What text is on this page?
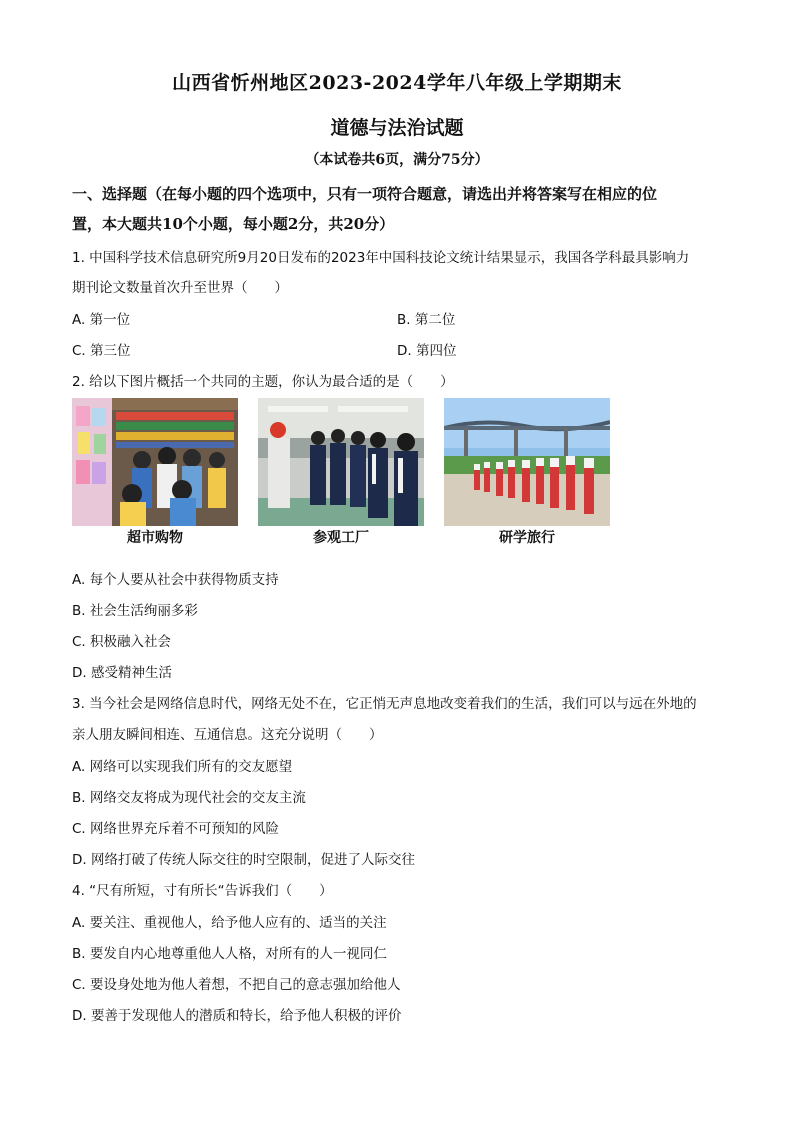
山西省忻州地区2023-2024学年八年级上学期期末
道德与法治试题
（本试卷共6页，满分75分）
一、选择题（在每小题的四个选项中，只有一项符合题意，请选出并将答案写在相应的位
置，本大题共10个小题，每小题2分，共20分）
1. 中国科学技术信息研究所9月20日发布的2023年中国科技论文统计结果显示，我国各学科最具影响力
期刊论文数量首次升至世界（　　）
A. 第一位	B. 第二位
C. 第三位	D. 第四位
2. 给以下图片概括一个共同的主题，你认为最合适的是（　　）
超市购物	参观工厂	研学旅行
A. 每个人要从社会中获得物质支持
B. 社会生活绚丽多彩
C. 积极融入社会
D. 感受精神生活
3. 当今社会是网络信息时代，网络无处不在，它正悄无声息地改变着我们的生活，我们可以与远在外地的
亲人朋友瞬间相连、互通信息。这充分说明（　　）
A. 网络可以实现我们所有的交友愿望
B. 网络交友将成为现代社会的交友主流
C. 网络世界充斥着不可预知的风险
D. 网络打破了传统人际交往的时空限制，促进了人际交往
4. “尺有所短，寸有所长“告诉我们（　　）
A. 要关注、重视他人，给予他人应有的、适当的关注
B. 要发自内心地尊重他人人格，对所有的人一视同仁
C. 要设身处地为他人着想，不把自己的意志强加给他人
D. 要善于发现他人的潜质和特长，给予他人积极的评价
